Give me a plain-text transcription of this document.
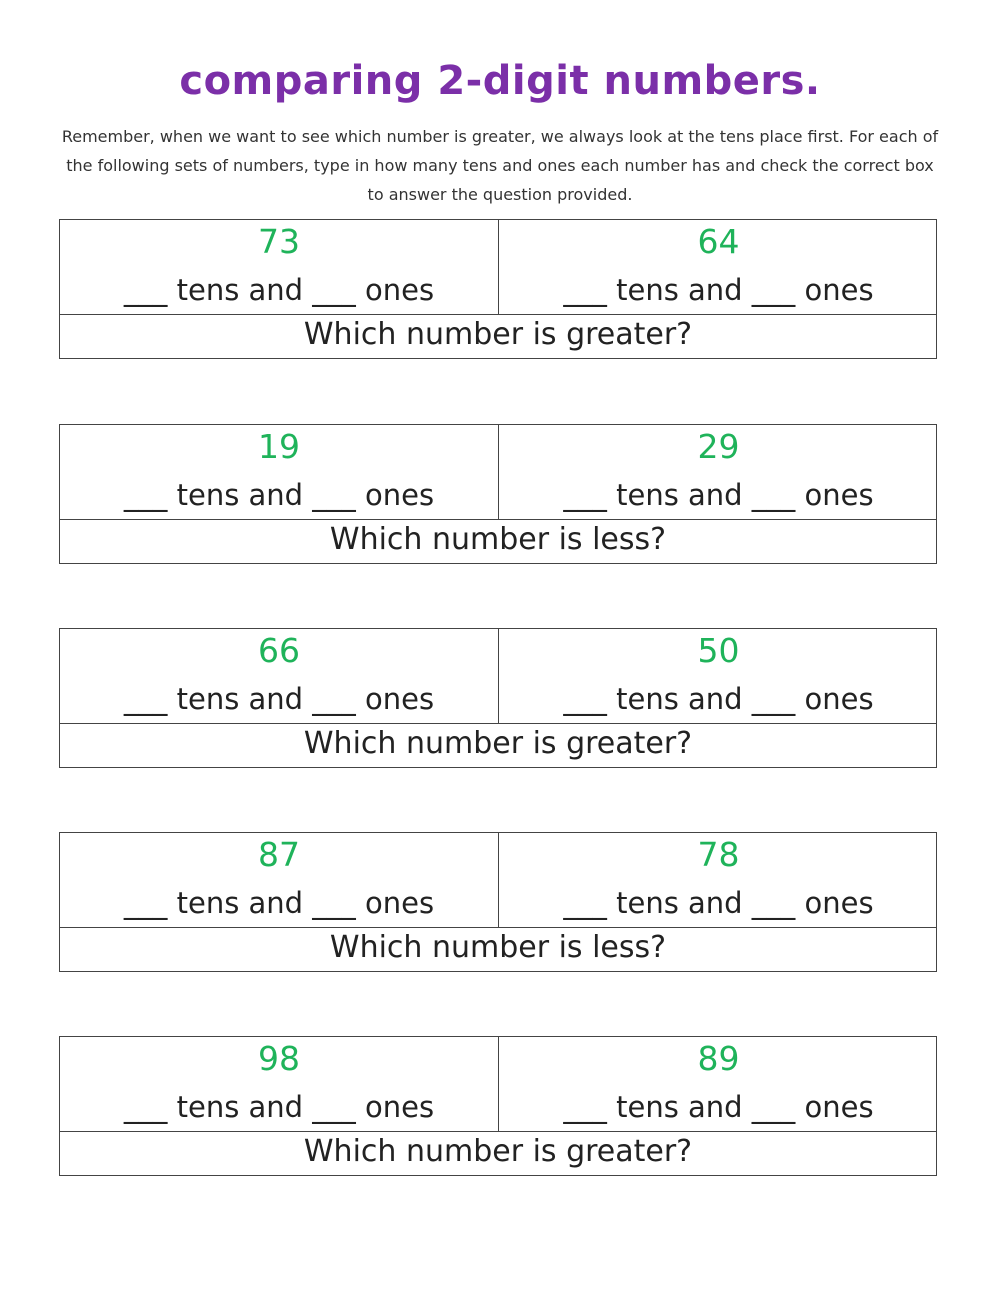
comparing 2-digit numbers.
Remember, when we want to see which number is greater, we always look at the tens place first. For each of the following sets of numbers, type in how many tens and ones each number has and check the correct box to answer the question provided.
73
___ tens and ___ ones
64
___ tens and ___ ones
Which number is greater?
19
___ tens and ___ ones
29
___ tens and ___ ones
Which number is less?
66
___ tens and ___ ones
50
___ tens and ___ ones
Which number is greater?
87
___ tens and ___ ones
78
___ tens and ___ ones
Which number is less?
98
___ tens and ___ ones
89
___ tens and ___ ones
Which number is greater?
